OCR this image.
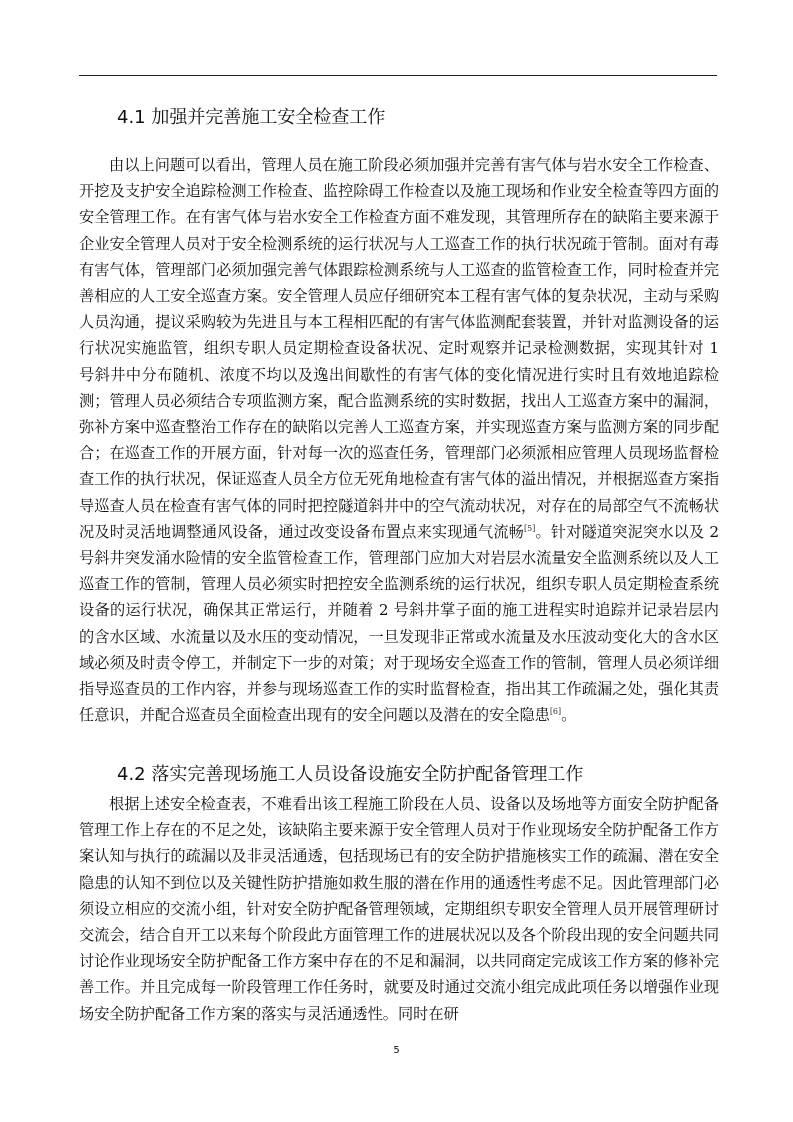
4.1 加强并完善施工安全检查工作

由以上问题可以看出，管理人员在施工阶段必须加强并完善有害气体与岩水安全工作检查、开挖及支护安全追踪检测工作检查、监控除碍工作检查以及施工现场和作业安全检查等四方面的安全管理工作。在有害气体与岩水安全工作检查方面不难发现，其管理所存在的缺陷主要来源于企业安全管理人员对于安全检测系统的运行状况与人工巡查工作的执行状况疏于管制。面对有毒有害气体，管理部门必须加强完善气体跟踪检测系统与人工巡查的监管检查工作，同时检查并完善相应的人工安全巡查方案。安全管理人员应仔细研究本工程有害气体的复杂状况，主动与采购人员沟通，提议采购较为先进且与本工程相匹配的有害气体监测配套装置，并针对监测设备的运行状况实施监管，组织专职人员定期检查设备状况、定时观察并记录检测数据，实现其针对 1 号斜井中分布随机、浓度不均以及逸出间歇性的有害气体的变化情况进行实时且有效地追踪检测；管理人员必须结合专项监测方案，配合监测系统的实时数据，找出人工巡查方案中的漏洞，弥补方案中巡查整治工作存在的缺陷以完善人工巡查方案，并实现巡查方案与监测方案的同步配合；在巡查工作的开展方面，针对每一次的巡查任务，管理部门必须派相应管理人员现场监督检查工作的执行状况，保证巡查人员全方位无死角地检查有害气体的溢出情况，并根据巡查方案指导巡查人员在检查有害气体的同时把控隧道斜井中的空气流动状况，对存在的局部空气不流畅状况及时灵活地调整通风设备，通过改变设备布置点来实现通气流畅[5]。针对隧道突泥突水以及 2 号斜井突发涌水险情的安全监管检查工作，管理部门应加大对岩层水流量安全监测系统以及人工巡查工作的管制，管理人员必须实时把控安全监测系统的运行状况，组织专职人员定期检查系统设备的运行状况，确保其正常运行，并随着 2 号斜井掌子面的施工进程实时追踪并记录岩层内的含水区域、水流量以及水压的变动情况，一旦发现非正常或水流量及水压波动变化大的含水区域必须及时责令停工，并制定下一步的对策；对于现场安全巡查工作的管制，管理人员必须详细指导巡查员的工作内容，并参与现场巡查工作的实时监督检查，指出其工作疏漏之处，强化其责任意识，并配合巡查员全面检查出现有的安全问题以及潜在的安全隐患[6]。

4.2 落实完善现场施工人员设备设施安全防护配备管理工作

根据上述安全检查表，不难看出该工程施工阶段在人员、设备以及场地等方面安全防护配备管理工作上存在的不足之处，该缺陷主要来源于安全管理人员对于作业现场安全防护配备工作方案认知与执行的疏漏以及非灵活通透，包括现场已有的安全防护措施核实工作的疏漏、潜在安全隐患的认知不到位以及关键性防护措施如救生服的潜在作用的通透性考虑不足。因此管理部门必须设立相应的交流小组，针对安全防护配备管理领域，定期组织专职安全管理人员开展管理研讨交流会，结合自开工以来每个阶段此方面管理工作的进展状况以及各个阶段出现的安全问题共同讨论作业现场安全防护配备工作方案中存在的不足和漏洞，以共同商定完成该工作方案的修补完善工作。并且完成每一阶段管理工作任务时，就要及时通过交流小组完成此项任务以增强作业现场安全防护配备工作方案的落实与灵活通透性。同时在研

5
